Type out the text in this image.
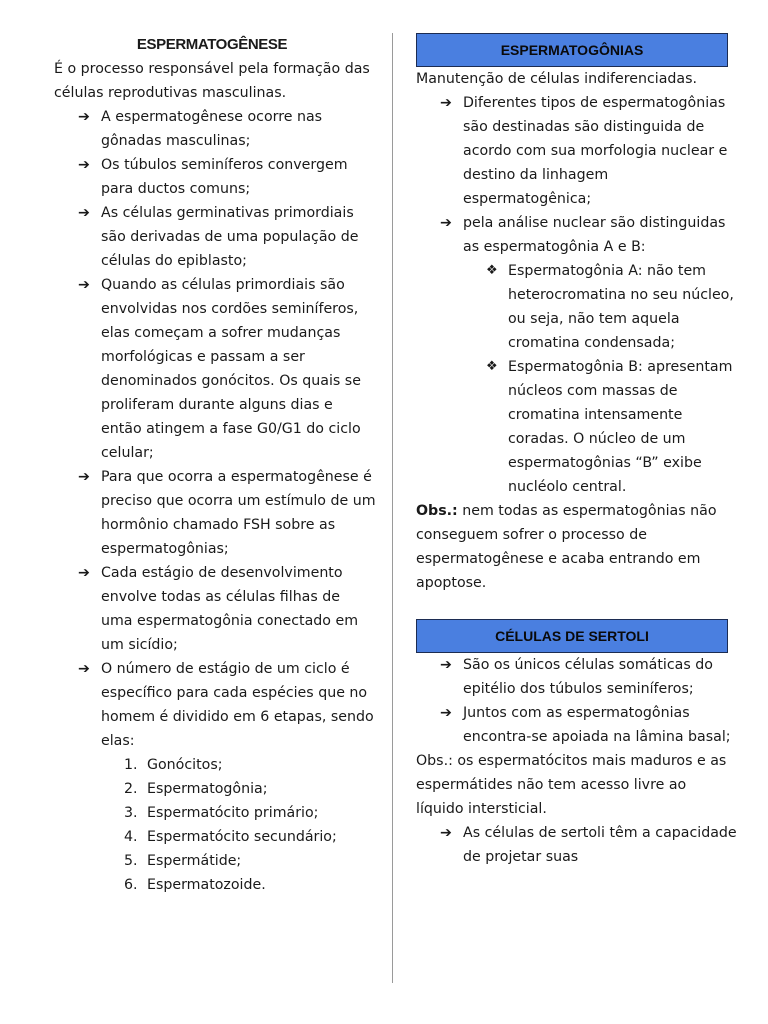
ESPERMATOGÊNESE

É o processo responsável pela formação das células reprodutivas masculinas.

➔ A espermatogênese ocorre nas gônadas masculinas;
➔ Os túbulos seminíferos convergem para ductos comuns;
➔ As células germinativas primordiais são derivadas de uma população de células do epiblasto;
➔ Quando as células primordiais são envolvidas nos cordões seminíferos, elas começam a sofrer mudanças morfológicas e passam a ser denominados gonócitos. Os quais se proliferam durante alguns dias e então atingem a fase G0/G1 do ciclo celular;
➔ Para que ocorra a espermatogênese é preciso que ocorra um estímulo de um hormônio chamado FSH sobre as espermatogônias;
➔ Cada estágio de desenvolvimento envolve todas as células filhas de uma espermatogônia conectado em um sicídio;
➔ O número de estágio de um ciclo é específico para cada espécies que no homem é dividido em 6 etapas, sendo elas:
1. Gonócitos;
2. Espermatogônia;
3. Espermatócito primário;
4. Espermatócito secundário;
5. Espermátide;
6. Espermatozoide.
ESPERMATOGÔNIAS

Manutenção de células indiferenciadas.

➔ Diferentes tipos de espermatogônias são destinadas são distinguida de acordo com sua morfologia nuclear e destino da linhagem espermatogênica;
➔ pela análise nuclear são distinguidas as espermatogônia A e B:
❖ Espermatogônia A: não tem heterocromatina no seu núcleo, ou seja, não tem aquela cromatina condensada;
❖ Espermatogônia B: apresentam núcleos com massas de cromatina intensamente coradas. O núcleo de um espermatogônias “B” exibe nucléolo central.

Obs.: nem todas as espermatogônias não conseguem sofrer o processo de espermatogênese e acaba entrando em apoptose.

CÉLULAS DE SERTOLI
➔ São os únicos células somáticas do epitélio dos túbulos seminíferos;
➔ Juntos com as espermatogônias encontra-se apoiada na lâmina basal;

Obs.: os espermatócitos mais maduros e as espermátides não tem acesso livre ao líquido intersticial.

➔ As células de sertoli têm a capacidade de projetar suas
